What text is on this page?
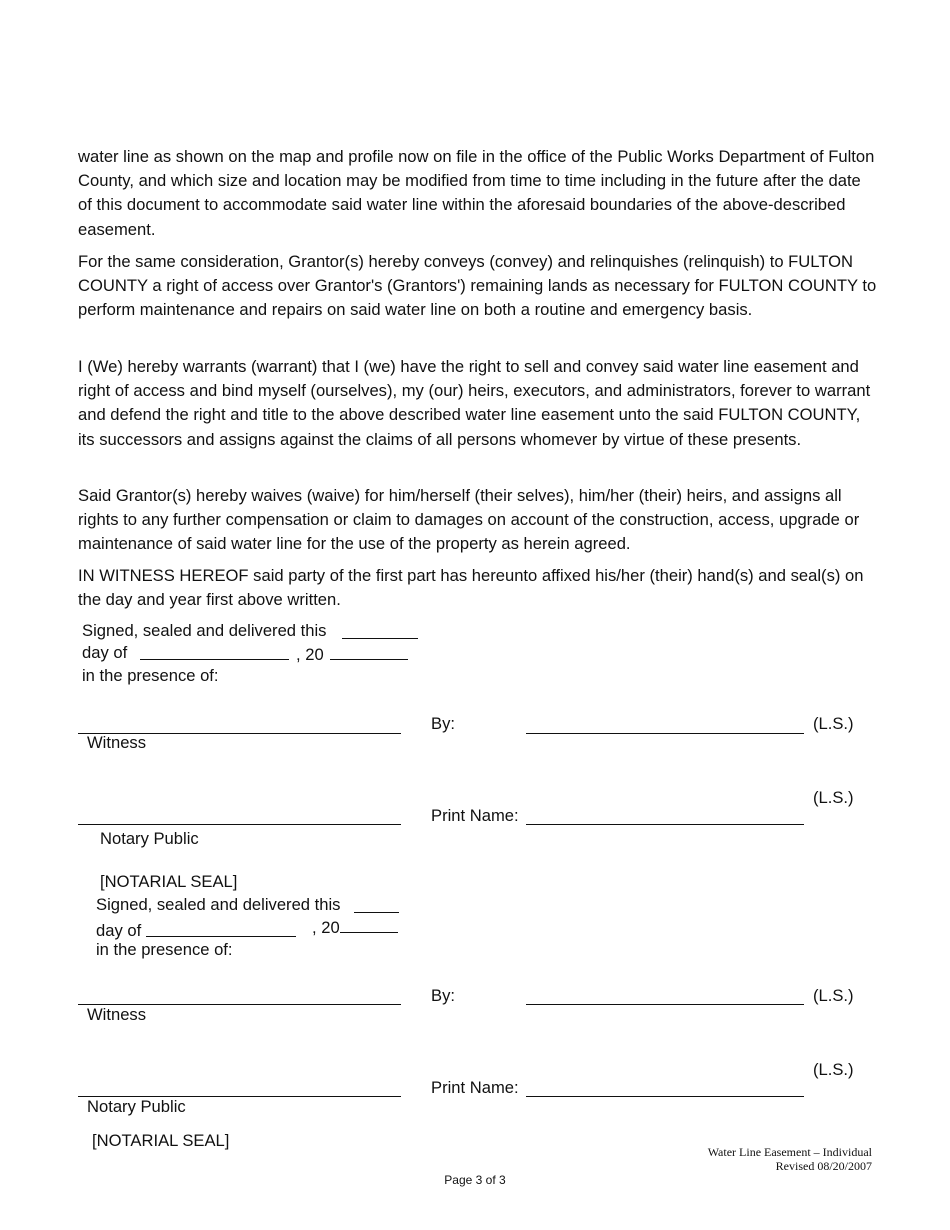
water line as shown on the map and profile now on file in the office of the Public Works Department of Fulton County, and which size and location may be modified from time to time including in the future after the date of this document to accommodate said water line within the aforesaid boundaries of the above-described easement.

For the same consideration, Grantor(s) hereby conveys (convey) and relinquishes (relinquish) to FULTON COUNTY a right of access over Grantor's (Grantors') remaining lands as necessary for FULTON COUNTY to perform maintenance and repairs on said water line on both a routine and emergency basis.

I (We) hereby warrants (warrant) that I (we) have the right to sell and convey said water line easement and right of access and bind myself (ourselves), my (our) heirs, executors, and administrators, forever to warrant and defend the right and title to the above described water line easement unto the said FULTON COUNTY, its successors and assigns against the claims of all persons whomever by virtue of these presents.

Said Grantor(s) hereby waives (waive) for him/herself (their selves), him/her (their) heirs, and assigns all rights to any further compensation or claim to damages on account of the construction, access, upgrade or maintenance of said water line for the use of the property as herein agreed.

IN WITNESS HEREOF said party of the first part has hereunto affixed his/her (their) hand(s) and seal(s) on the day and year first above written.

Signed, sealed and delivered this
day of	, 20
in the presence of:
Witness
By:	(L.S.)
(L.S.)
Notary Public
Print Name:
[NOTARIAL SEAL]
Signed, sealed and delivered this
day of	, 20
in the presence of:
Witness
By:	(L.S.)
(L.S.)
Notary Public
Print Name:
[NOTARIAL SEAL]
Water Line Easement – Individual
Revised 08/20/2007
Page 3 of 3
